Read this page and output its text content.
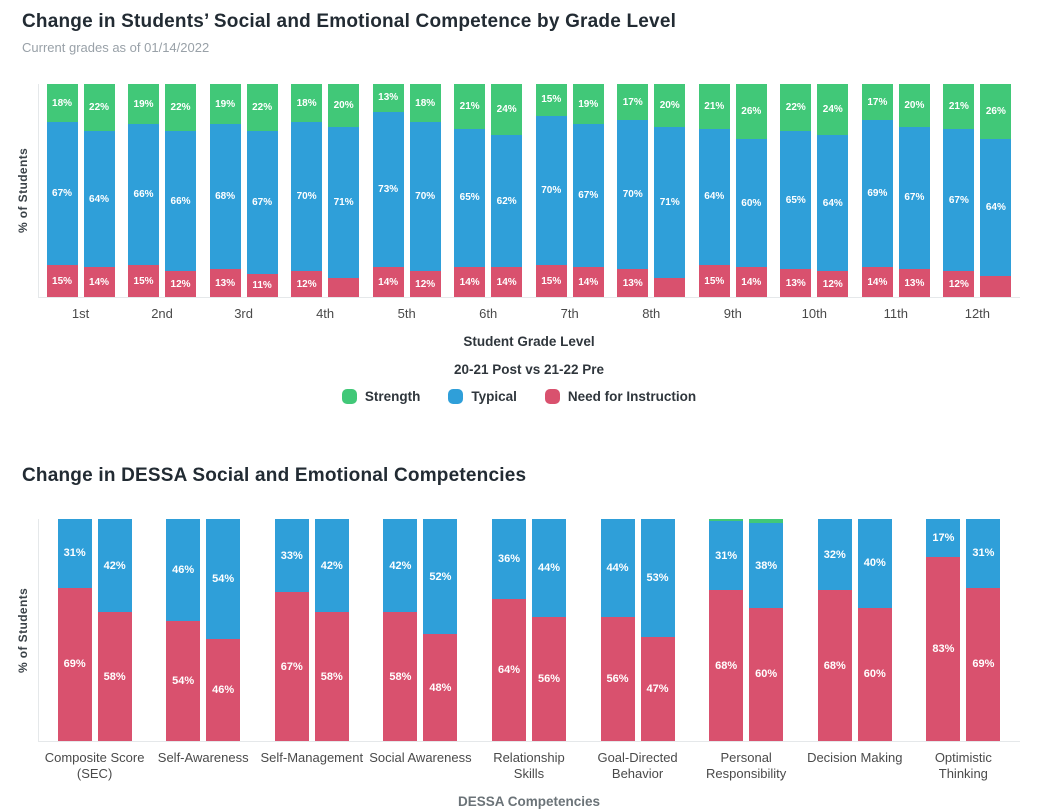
Change in Students’ Social and Emotional Competence by Grade Level
Current grades as of 01/14/2022
% of Students
18%
67%
15%
22%
64%
14%
1st
19%
66%
15%
22%
66%
12%
2nd
19%
68%
13%
22%
67%
11%
3rd
18%
70%
12%
20%
71%
4th
13%
73%
14%
18%
70%
12%
5th
21%
65%
14%
24%
62%
14%
6th
15%
70%
15%
19%
67%
14%
7th
17%
70%
13%
20%
71%
8th
21%
64%
15%
26%
60%
14%
9th
22%
65%
13%
24%
64%
12%
10th
17%
69%
14%
20%
67%
13%
11th
21%
67%
12%
26%
64%
12th
Student Grade Level
20-21 Post vs 21-22 Pre
Strength	Typical	Need for Instruction
Change in DESSA Social and Emotional Competencies
% of Students
31%
69%
42%
58%
Composite Score (SEC)
46%
54%
54%
46%
Self-Awareness
33%
67%
42%
58%
Self-Management
42%
58%
52%
48%
Social Awareness
36%
64%
44%
56%
Relationship Skills
44%
56%
53%
47%
Goal-Directed Behavior
31%
68%
38%
60%
Personal Responsibility
32%
68%
40%
60%
Decision Making
17%
83%
31%
69%
Optimistic Thinking
DESSA Competencies
